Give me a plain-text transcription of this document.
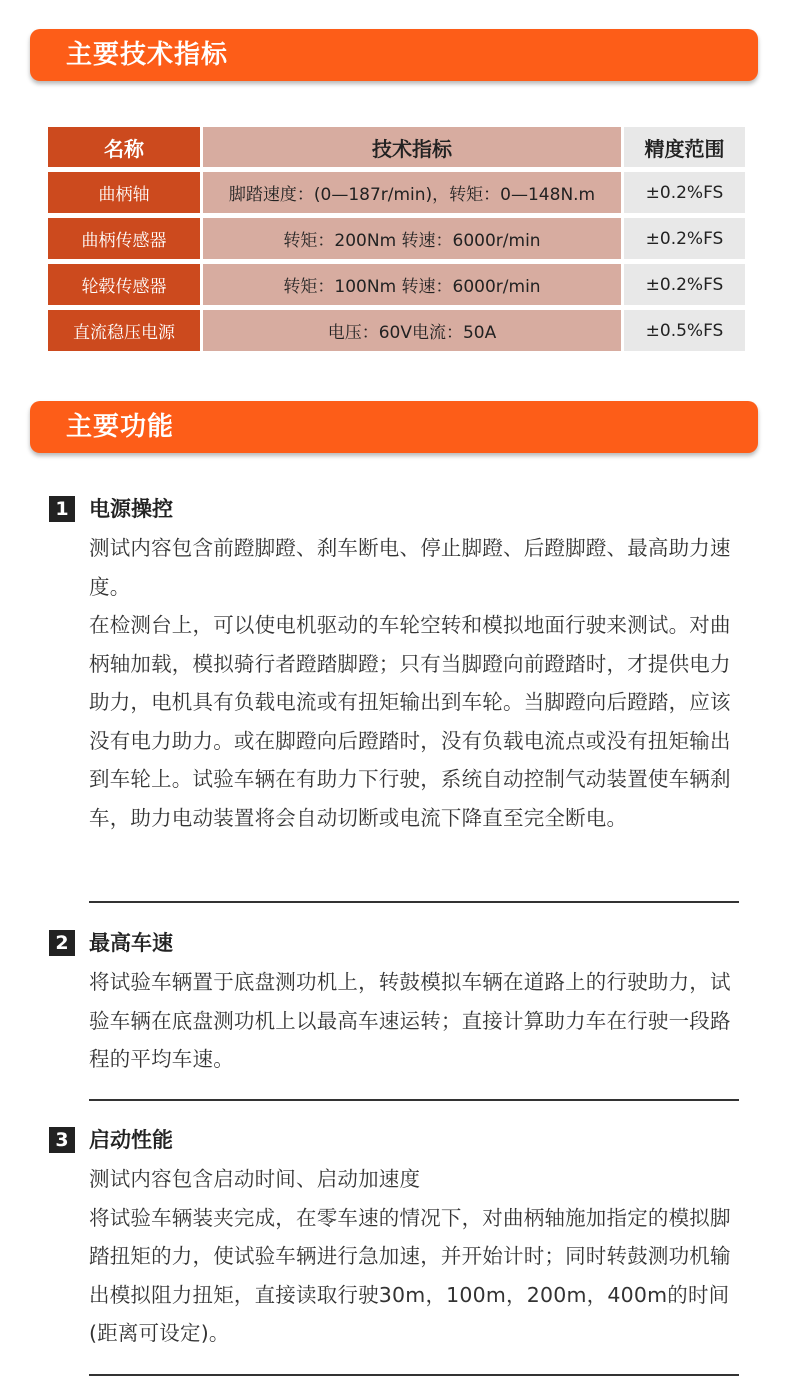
主要技术指标
名称	技术指标	精度范围
曲柄轴	脚踏速度：(0—187r/min)，转矩：0—148N.m	±0.2%FS
曲柄传感器	转矩：200Nm 转速：6000r/min	±0.2%FS
轮毂传感器	转矩：100Nm 转速：6000r/min	±0.2%FS
直流稳压电源	电压：60V电流：50A	±0.5%FS
主要功能
1 电源操控

测试内容包含前蹬脚蹬、刹车断电、停止脚蹬、后蹬脚蹬、最高助力速度。

在检测台上，可以使电机驱动的车轮空转和模拟地面行驶来测试。对曲柄轴加载，模拟骑行者蹬踏脚蹬；只有当脚蹬向前蹬踏时，才提供电力助力，电机具有负载电流或有扭矩输出到车轮。当脚蹬向后蹬踏，应该没有电力助力。或在脚蹬向后蹬踏时，没有负载电流点或没有扭矩输出到车轮上。试验车辆在有助力下行驶，系统自动控制气动装置使车辆刹车，助力电动装置将会自动切断或电流下降直至完全断电。

2 最高车速

将试验车辆置于底盘测功机上，转鼓模拟车辆在道路上的行驶助力，试验车辆在底盘测功机上以最高车速运转；直接计算助力车在行驶一段路程的平均车速。

3 启动性能

测试内容包含启动时间、启动加速度

将试验车辆装夹完成，在零车速的情况下，对曲柄轴施加指定的模拟脚踏扭矩的力，使试验车辆进行急加速，并开始计时；同时转鼓测功机输出模拟阻力扭矩，直接读取行驶30m，100m，200m，400m的时间(距离可设定)。
